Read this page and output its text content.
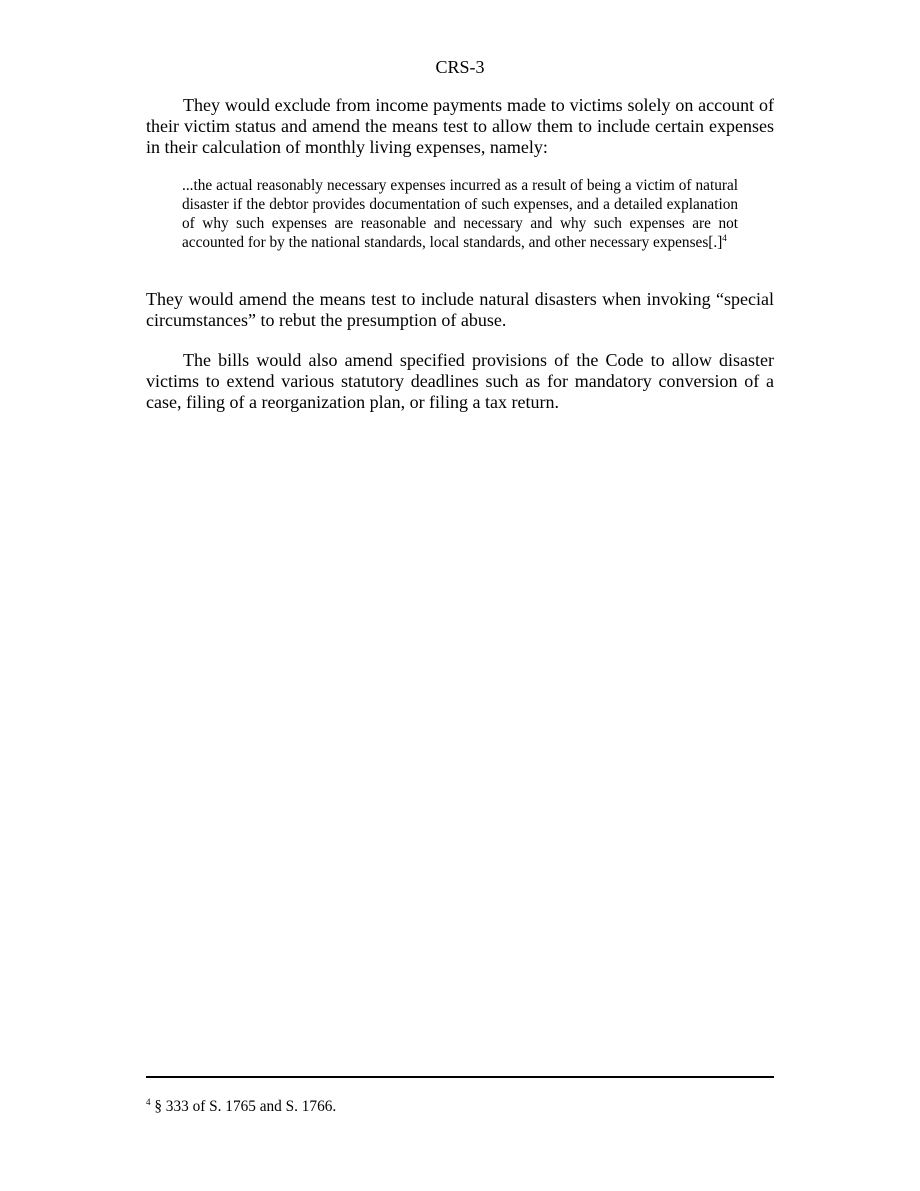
CRS-3

They would exclude from income payments made to victims solely on account of their victim status and amend the means test to allow them to include certain expenses in their calculation of monthly living expenses, namely:

...the actual reasonably necessary expenses incurred as a result of being a victim of natural disaster if the debtor provides documentation of such expenses, and a detailed explanation of why such expenses are reasonable and necessary and why such expenses are not accounted for by the national standards, local standards, and other necessary expenses[.]$^4$

They would amend the means test to include natural disasters when invoking “special circumstances” to rebut the presumption of abuse.

The bills would also amend specified provisions of the Code to allow disaster victims to extend various statutory deadlines such as for mandatory conversion of a case, filing of a reorganization plan, or filing a tax return.

$^4$ § 333 of S. 1765 and S. 1766.
